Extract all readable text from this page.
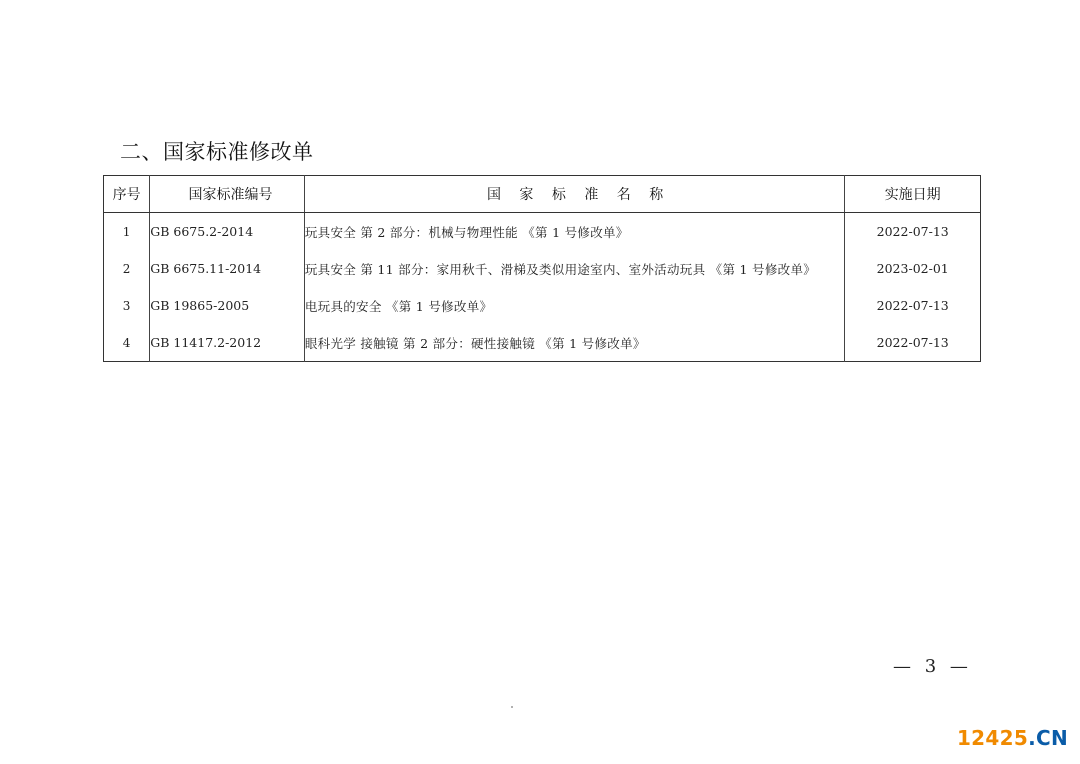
二、国家标准修改单
序号	国家标准编号	国 家 标 准 名 称	实施日期
1	GB 6675.2-2014	玩具安全 第 2 部分：机械与物理性能 《第 1 号修改单》	2022-07-13
2	GB 6675.11-2014	玩具安全 第 11 部分：家用秋千、滑梯及类似用途室内、室外活动玩具 《第 1 号修改单》	2023-02-01
3	GB 19865-2005	电玩具的安全 《第 1 号修改单》	2022-07-13
4	GB 11417.2-2012	眼科光学 接触镜 第 2 部分：硬性接触镜 《第 1 号修改单》	2022-07-13
— 3 —
12425.CN
